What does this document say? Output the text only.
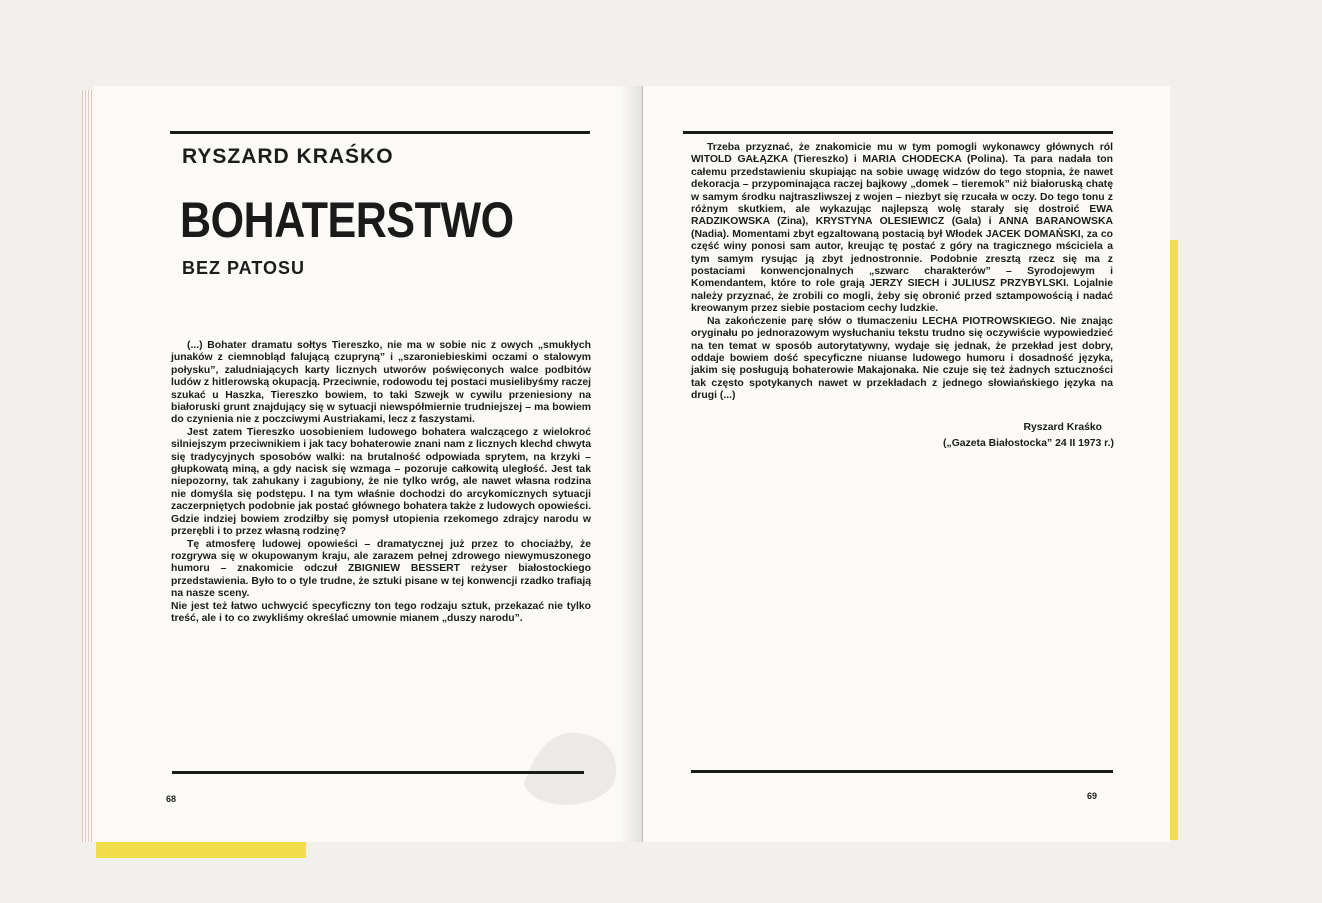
RYSZARD KRAŚKO
BOHATERSTWO
BEZ PATOSU

(...) Bohater dramatu sołtys Tiereszko, nie ma w sobie nic z owych „smukłych junaków z ciemnobląd falującą czupryną” i „szaroniebieskimi oczami o stalowym połysku”, zaludniających karty licznych utworów poświęconych walce podbitów ludów z hitlerowską okupacją. Przeciwnie, rodowodu tej postaci musielibyśmy raczej szukać u Haszka, Tiereszko bowiem, to taki Szwejk w cywilu przeniesiony na białoruski grunt znajdujący się w sytuacji niewspółmiernie trudniejszej – ma bowiem do czynienia nie z poczciwymi Austriakami, lecz z faszystami.

Jest zatem Tiereszko uosobieniem ludowego bohatera walczącego z wielokroć silniejszym przeciwnikiem i jak tacy bohaterowie znani nam z licznych klechd chwyta się tradycyjnych sposobów walki: na brutalność odpowiada sprytem, na krzyki – głupkowatą miną, a gdy nacisk się wzmaga – pozoruje całkowitą uległość. Jest tak niepozorny, tak zahukany i zagubiony, że nie tylko wróg, ale nawet własna rodzina nie domyśla się podstępu. I na tym właśnie dochodzi do arcykomicznych sytuacji zaczerpniętych podobnie jak postać głównego bohatera także z ludowych opowieści. Gdzie indziej bowiem zrodziłby się pomysł utopienia rzekomego zdrajcy narodu w przerębli i to przez własną rodzinę?

Tę atmosferę ludowej opowieści – dramatycznej już przez to chociażby, że rozgrywa się w okupowanym kraju, ale zarazem pełnej zdrowego niewymuszonego humoru – znakomicie odczuł ZBIGNIEW BESSERT reżyser białostockiego przedstawienia. Było to o tyle trudne, że sztuki pisane w tej konwencji rzadko trafiają na nasze sceny.

Nie jest też łatwo uchwycić specyficzny ton tego rodzaju sztuk, przekazać nie tylko treść, ale i to co zwykliśmy określać umownie mianem „duszy narodu”.

68

Trzeba przyznać, że znakomicie mu w tym pomogli wykonawcy głównych ról WITOLD GAŁĄZKA (Tiereszko) i MARIA CHODECKA (Polina). Ta para nadała ton całemu przedstawieniu skupiając na sobie uwagę widzów do tego stopnia, że nawet dekoracja – przypominająca raczej bajkowy „domek – tieremok” niż białoruską chatę w samym środku najtraszliwszej z wojen – niezbyt się rzucała w oczy. Do tego tonu z różnym skutkiem, ale wykazując najlepszą wolę starały się dostroić EWA RADZIKOWSKA (Zina), KRYSTYNA OLESIEWICZ (Gala) i ANNA BARANOWSKA (Nadia). Momentami zbyt egzaltowaną postacią był Włodek JACEK DOMAŃSKI, za co część winy ponosi sam autor, kreując tę postać z góry na tragicznego mściciela a tym samym rysując ją zbyt jednostronnie. Podobnie zresztą rzecz się ma z postaciami konwencjonalnych „szwarc charakterów” – Syrodojewym i Komendantem, które to role grają JERZY SIECH i JULIUSZ PRZYBYLSKI. Lojalnie należy przyznać, że zrobili co mogli, żeby się obronić przed sztampowością i nadać kreowanym przez siebie postaciom cechy ludzkie.

Na zakończenie parę słów o tłumaczeniu LECHA PIOTROWSKIEGO. Nie znając oryginału po jednorazowym wysłuchaniu tekstu trudno się oczywiście wypowiedzieć na ten temat w sposób autorytatywny, wydaje się jednak, że przekład jest dobry, oddaje bowiem dość specyficzne niuanse ludowego humoru i dosadność języka, jakim się posługują bohaterowie Makajonaka. Nie czuje się też żadnych sztuczności tak często spotykanych nawet w przekładach z jednego słowiańskiego języka na drugi (...)

Ryszard Kraśko
(„Gazeta Białostocka” 24 II 1973 r.)
69
